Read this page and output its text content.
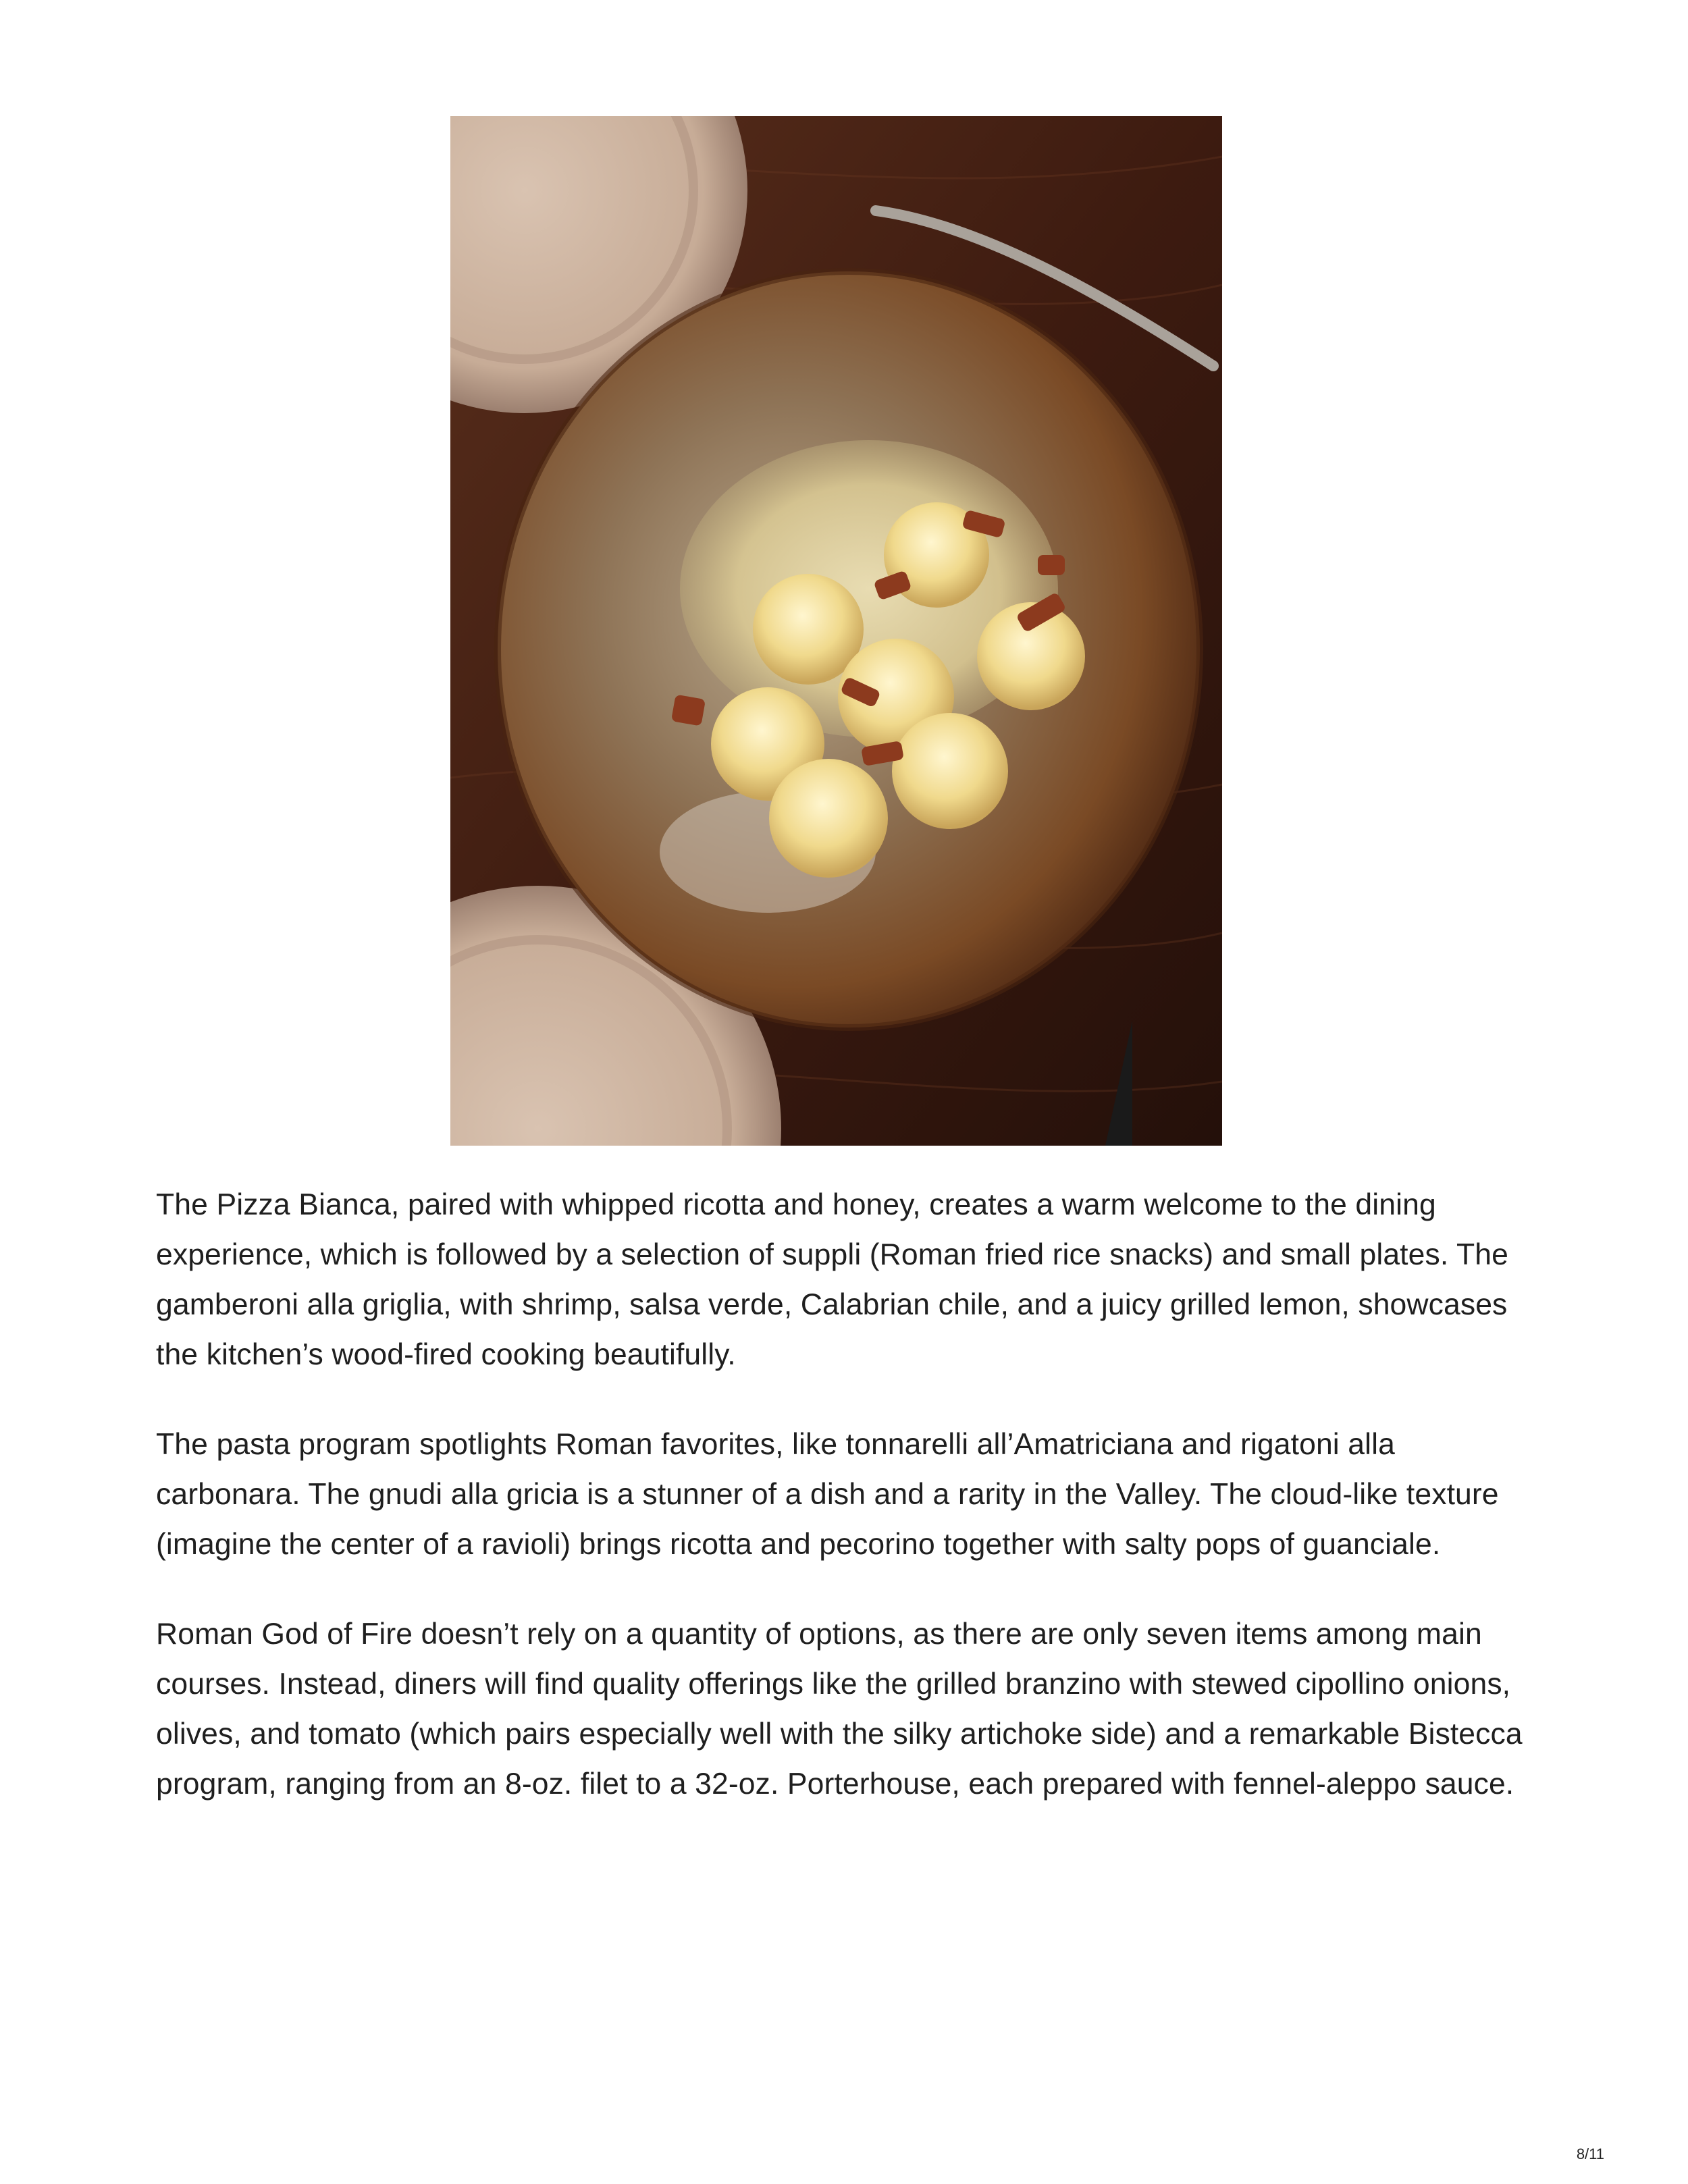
The Pizza Bianca, paired with whipped ricotta and honey, creates a warm welcome to the dining experience, which is followed by a selection of suppli (Roman fried rice snacks) and small plates. The gamberoni alla griglia, with shrimp, salsa verde, Calabrian chile, and a juicy grilled lemon, showcases the kitchen’s wood-fired cooking beautifully.

The pasta program spotlights Roman favorites, like tonnarelli all’Amatriciana and rigatoni alla carbonara. The gnudi alla gricia is a stunner of a dish and a rarity in the Valley. The cloud-like texture (imagine the center of a ravioli) brings ricotta and pecorino together with salty pops of guanciale.

Roman God of Fire doesn’t rely on a quantity of options, as there are only seven items among main courses. Instead, diners will find quality offerings like the grilled branzino with stewed cipollino onions, olives, and tomato (which pairs especially well with the silky artichoke side) and a remarkable Bistecca program, ranging from an 8-oz. filet to a 32-oz. Porterhouse, each prepared with fennel-aleppo sauce.

8/11
